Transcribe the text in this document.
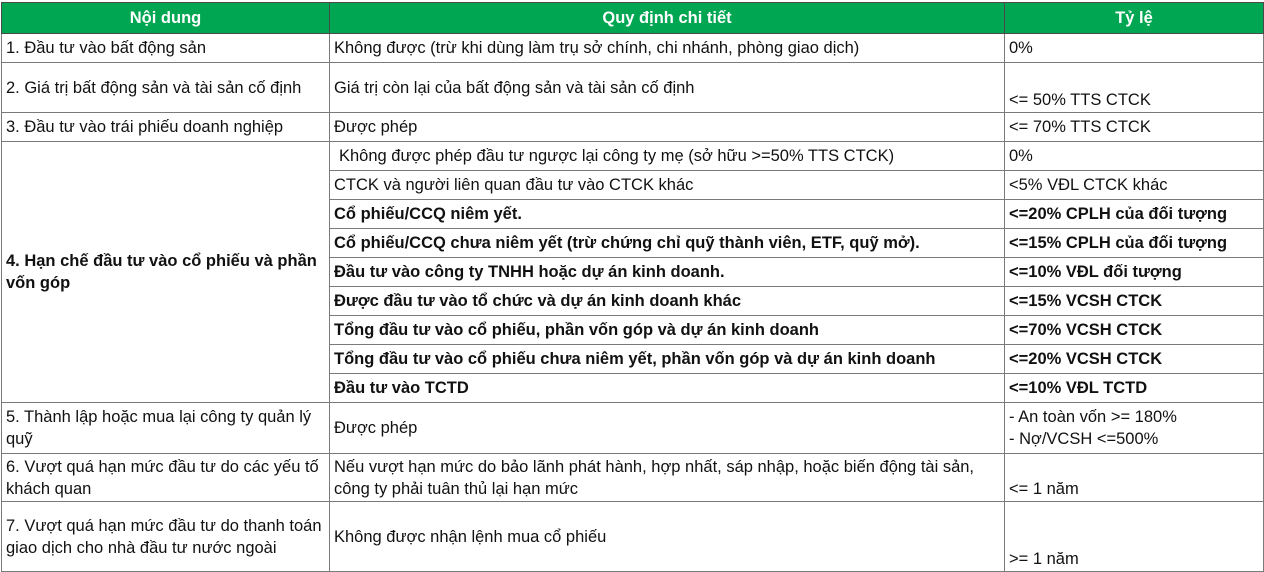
Nội dung	Quy định chi tiết	Tỷ lệ
1. Đầu tư vào bất động sản	Không được (trừ khi dùng làm trụ sở chính, chi nhánh, phòng giao dịch)	0%
2. Giá trị bất động sản và tài sản cố định	Giá trị còn lại của bất động sản và tài sản cố định	<= 50% TTS CTCK
3. Đầu tư vào trái phiếu doanh nghiệp	Được phép	<= 70% TTS CTCK
4. Hạn chế đầu tư vào cổ phiếu và phần vốn góp	Không được phép đầu tư ngược lại công ty mẹ (sở hữu >=50% TTS CTCK)	0%
	CTCK và người liên quan đầu tư vào CTCK khác	<5% VĐL CTCK khác
	Cổ phiếu/CCQ niêm yết.	<=20% CPLH của đối tượng
	Cổ phiếu/CCQ chưa niêm yết (trừ chứng chỉ quỹ thành viên, ETF, quỹ mở).	<=15% CPLH của đối tượng
	Đầu tư vào công ty TNHH hoặc dự án kinh doanh.	<=10% VĐL đối tượng
	Được đầu tư vào tổ chức và dự án kinh doanh khác	<=15% VCSH CTCK
	Tổng đầu tư vào cổ phiếu, phần vốn góp và dự án kinh doanh	<=70% VCSH CTCK
	Tổng đầu tư vào cổ phiếu chưa niêm yết, phần vốn góp và dự án kinh doanh	<=20% VCSH CTCK
	Đầu tư vào TCTD	<=10% VĐL TCTD
5. Thành lập hoặc mua lại công ty quản lý quỹ	Được phép	- An toàn vốn >= 180%
- Nợ/VCSH <=500%

6. Vượt quá hạn mức đầu tư do các yếu tố khách quan	Nếu vượt hạn mức do bảo lãnh phát hành, hợp nhất, sáp nhập, hoặc biến động tài sản, công ty phải tuân thủ lại hạn mức	<= 1 năm
7. Vượt quá hạn mức đầu tư do thanh toán giao dịch cho nhà đầu tư nước ngoài	Không được nhận lệnh mua cổ phiếu	>= 1 năm
